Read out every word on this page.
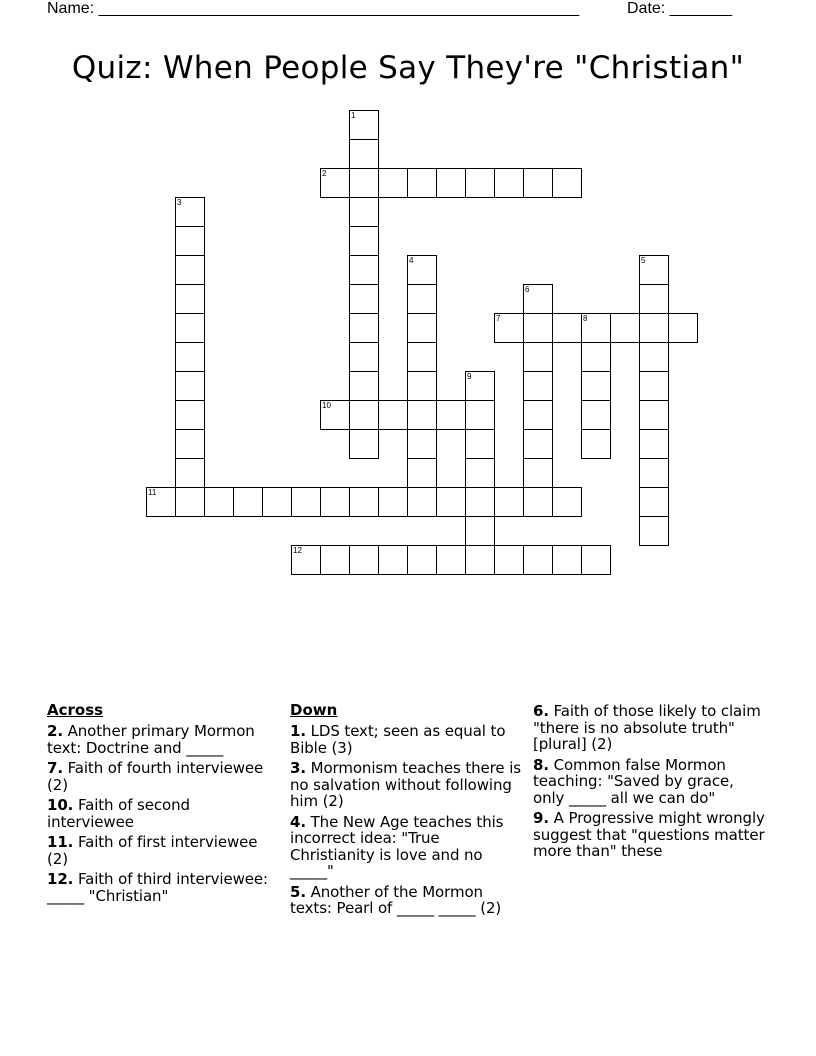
Name: ______________________________________________________	Date: _______
Quiz: When People Say They're "Christian"
1
2
3
4	5
6
7	8
9
10
11
12
Across
2. Another primary Mormon text: Doctrine and _____
7. Faith of fourth interviewee (2)
10. Faith of second interviewee
11. Faith of first interviewee (2)
12. Faith of third interviewee: _____ "Christian"
Down
1. LDS text; seen as equal to Bible (3)
3. Mormonism teaches there is no salvation without following him (2)
4. The New Age teaches this incorrect idea: "True Christianity is love and no _____"
5. Another of the Mormon texts: Pearl of _____ _____ (2)
6. Faith of those likely to claim "there is no absolute truth" [plural] (2)
8. Common false Mormon teaching: "Saved by grace, only _____ all we can do"
9. A Progressive might wrongly suggest that "questions matter more than" these
